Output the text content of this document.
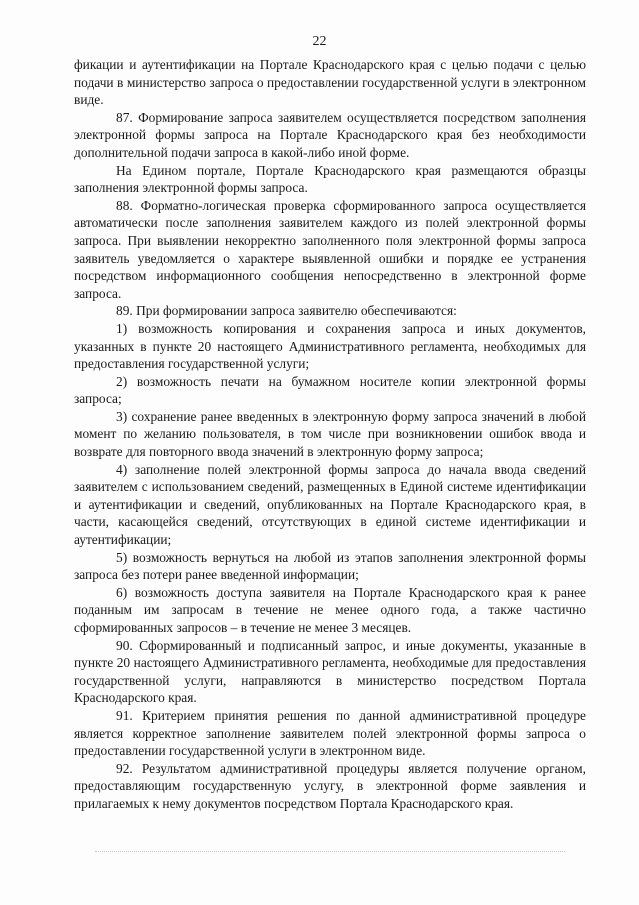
22

фикации и аутентификации на Портале Краснодарского края с целью подачи с целью подачи в министерство запроса о предоставлении государственной услуги в электронном виде.

87. Формирование запроса заявителем осуществляется посредством заполнения электронной формы запроса на Портале Краснодарского края без необходимости дополнительной подачи запроса в какой-либо иной форме.

На Едином портале, Портале Краснодарского края размещаются образцы заполнения электронной формы запроса.

88. Форматно-логическая проверка сформированного запроса осуществляется автоматически после заполнения заявителем каждого из полей электронной формы запроса. При выявлении некорректно заполненного поля электронной формы запроса заявитель уведомляется о характере выявленной ошибки и порядке ее устранения посредством информационного сообщения непосредственно в электронной форме запроса.

89. При формировании запроса заявителю обеспечиваются:

1) возможность копирования и сохранения запроса и иных документов, указанных в пункте 20 настоящего Административного регламента, необходимых для предоставления государственной услуги;

2) возможность печати на бумажном носителе копии электронной формы запроса;

3) сохранение ранее введенных в электронную форму запроса значений в любой момент по желанию пользователя, в том числе при возникновении ошибок ввода и возврате для повторного ввода значений в электронную форму запроса;

4) заполнение полей электронной формы запроса до начала ввода сведений заявителем с использованием сведений, размещенных в Единой системе идентификации и аутентификации и сведений, опубликованных на Портале Краснодарского края, в части, касающейся сведений, отсутствующих в единой системе идентификации и аутентификации;

5) возможность вернуться на любой из этапов заполнения электронной формы запроса без потери ранее введенной информации;

6) возможность доступа заявителя на Портале Краснодарского края к ранее поданным им запросам в течение не менее одного года, а также частично сформированных запросов – в течение не менее 3 месяцев.

90. Сформированный и подписанный запрос, и иные документы, указанные в пункте 20 настоящего Административного регламента, необходимые для предоставления государственной услуги, направляются в министерство посредством Портала Краснодарского края.

91. Критерием принятия решения по данной административной процедуре является корректное заполнение заявителем полей электронной формы запроса о предоставлении государственной услуги в электронном виде.

92. Результатом административной процедуры является получение органом, предоставляющим государственную услугу, в электронной форме заявления и прилагаемых к нему документов посредством Портала Краснодарского края.
